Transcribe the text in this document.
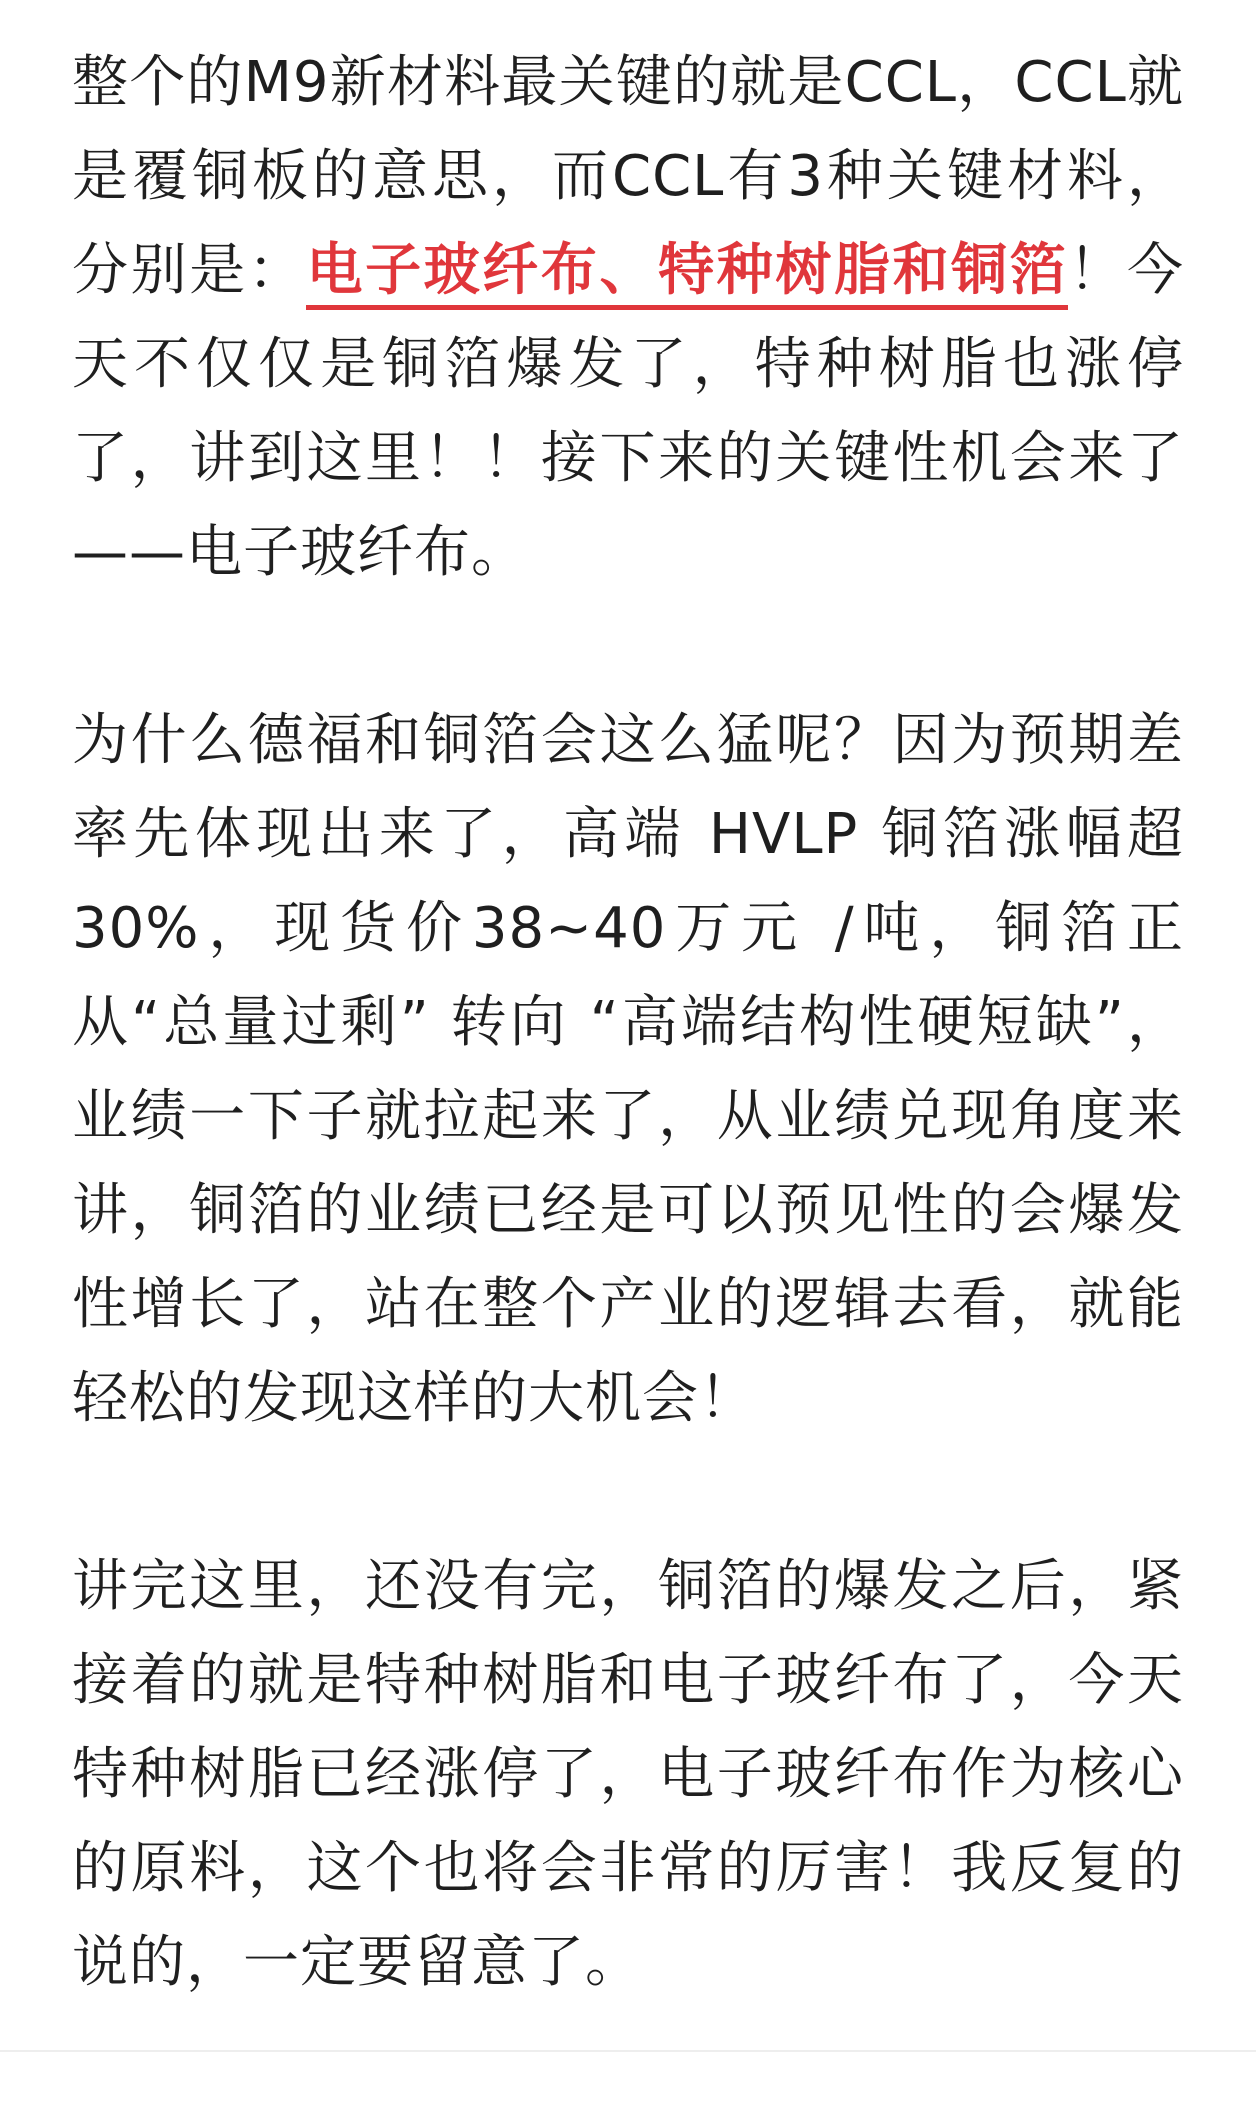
整个的M9新材料最关键的就是CCL，CCL就是覆铜板的意思，而CCL有3种关键材料，分别是：电子玻纤布、特种树脂和铜箔！今天不仅仅是铜箔爆发了，特种树脂也涨停了，讲到这里！！接下来的关键性机会来了——电子玻纤布。

为什么德福和铜箔会这么猛呢？因为预期差率先体现出来了，高端 HVLP 铜箔涨幅超30%，现货价38~40万元 /吨，铜箔正从“总量过剩” 转向 “高端结构性硬短缺”，业绩一下子就拉起来了，从业绩兑现角度来讲，铜箔的业绩已经是可以预见性的会爆发性增长了，站在整个产业的逻辑去看，就能轻松的发现这样的大机会！

讲完这里，还没有完，铜箔的爆发之后，紧接着的就是特种树脂和电子玻纤布了，今天特种树脂已经涨停了，电子玻纤布作为核心的原料，这个也将会非常的厉害！我反复的说的，一定要留意了。
